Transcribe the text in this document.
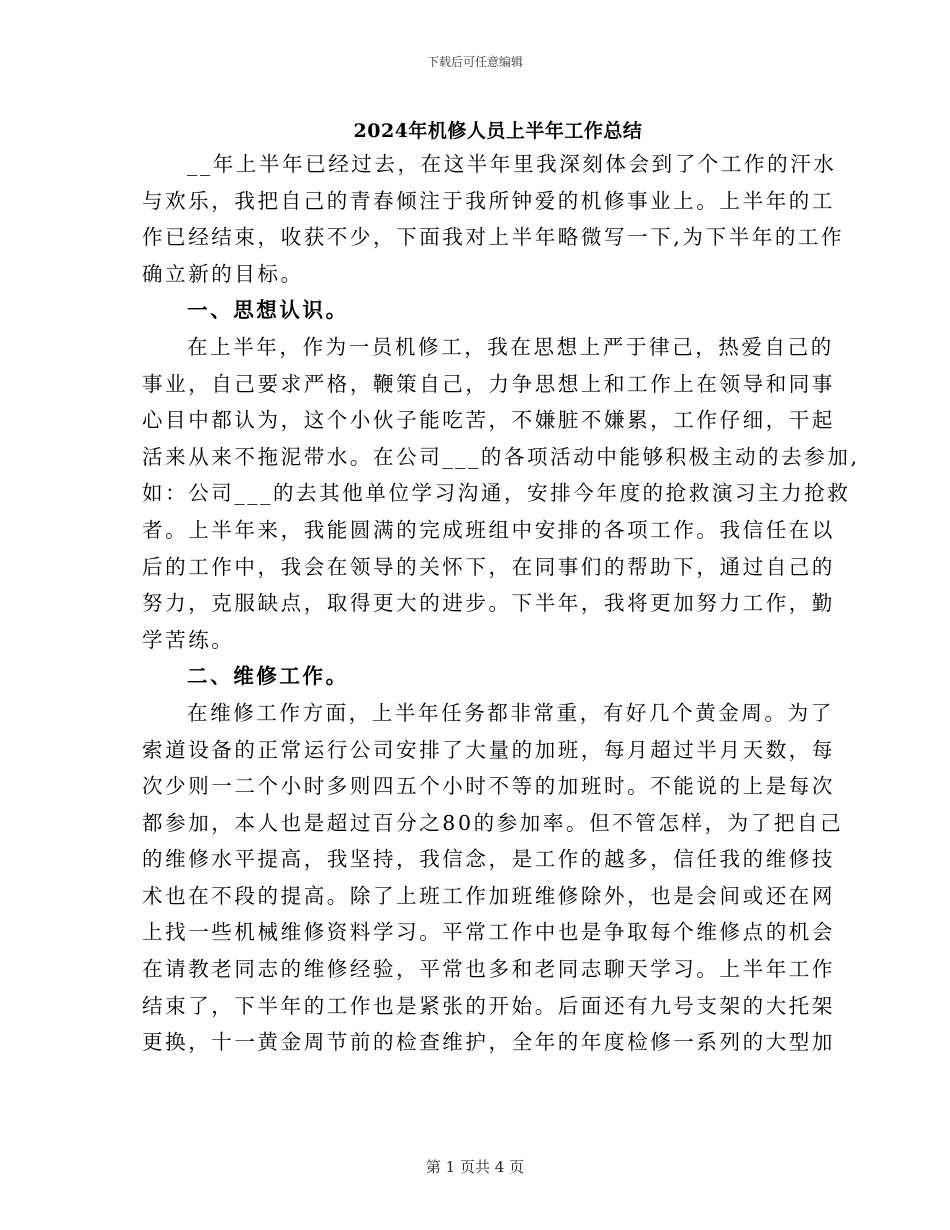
下载后可任意编辑
2024年机修人员上半年工作总结
__年上半年已经过去，在这半年里我深刻体会到了个工作的汗水
与欢乐，我把自己的青春倾注于我所钟爱的机修事业上。上半年的工
作已经结束，收获不少，下面我对上半年略微写一下,为下半年的工作
确立新的目标。
一、思想认识。
在上半年，作为一员机修工，我在思想上严于律己，热爱自己的
事业，自己要求严格，鞭策自己，力争思想上和工作上在领导和同事
心目中都认为，这个小伙子能吃苦，不嫌脏不嫌累，工作仔细，干起
活来从来不拖泥带水。在公司___的各项活动中能够积极主动的去参加,
如：公司___的去其他单位学习沟通，安排今年度的抢救演习主力抢救
者。上半年来，我能圆满的完成班组中安排的各项工作。我信任在以
后的工作中，我会在领导的关怀下，在同事们的帮助下，通过自己的
努力，克服缺点，取得更大的进步。下半年，我将更加努力工作，勤
学苦练。
二、维修工作。
在维修工作方面，上半年任务都非常重，有好几个黄金周。为了
索道设备的正常运行公司安排了大量的加班，每月超过半月天数，每
次少则一二个小时多则四五个小时不等的加班时。不能说的上是每次
都参加，本人也是超过百分之80的参加率。但不管怎样，为了把自己
的维修水平提高，我坚持，我信念，是工作的越多，信任我的维修技
术也在不段的提高。除了上班工作加班维修除外，也是会间或还在网
上找一些机械维修资料学习。平常工作中也是争取每个维修点的机会
在请教老同志的维修经验，平常也多和老同志聊天学习。上半年工作
结束了，下半年的工作也是紧张的开始。后面还有九号支架的大托架
更换，十一黄金周节前的检查维护，全年的年度检修一系列的大型加
第 1 页共 4 页
